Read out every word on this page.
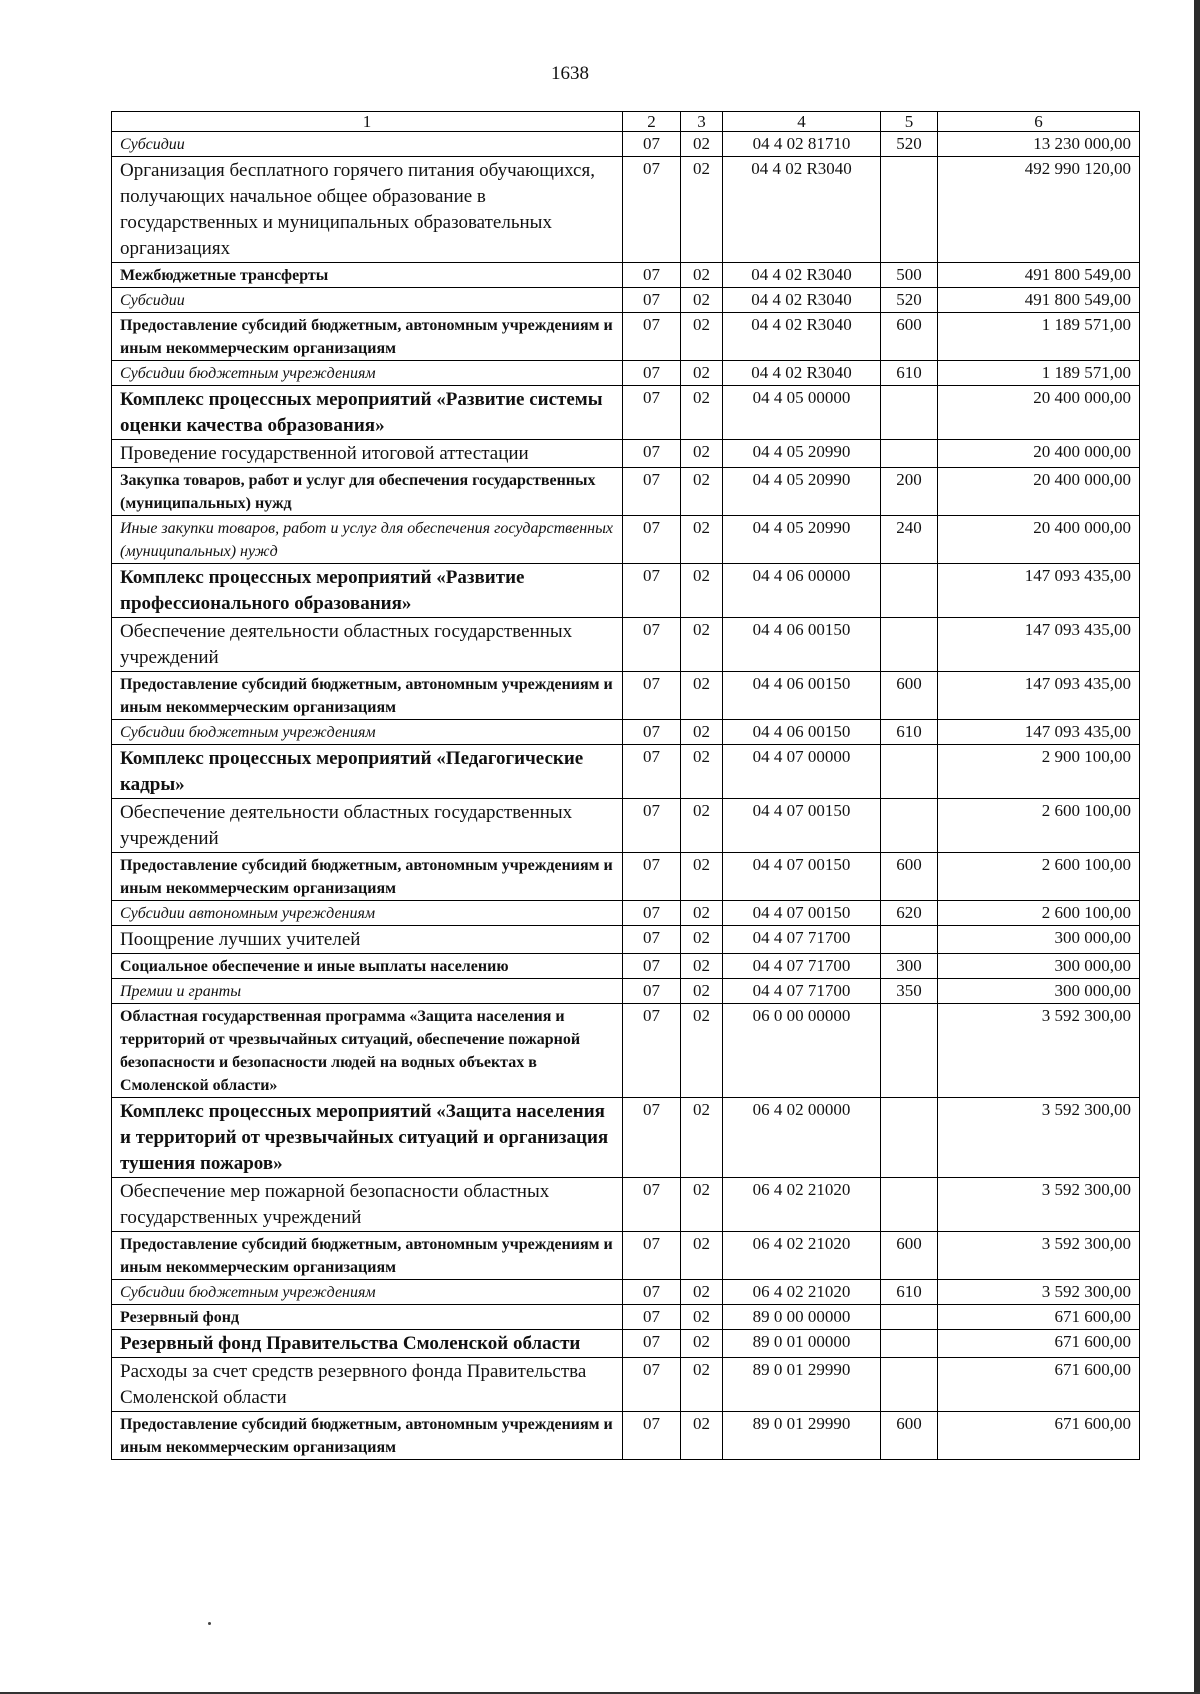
1638
1	2	3	4	5	6
Субсидии	07	02	04 4 02 81710	520	13 230 000,00
Организация бесплатного горячего питания обучающихся, получающих начальное общее образование в государственных и муниципальных образовательных организациях	07	02	04 4 02 R3040		492 990 120,00
Межбюджетные трансферты	07	02	04 4 02 R3040	500	491 800 549,00
Субсидии	07	02	04 4 02 R3040	520	491 800 549,00
Предоставление субсидий бюджетным, автономным учреждениям и иным некоммерческим организациям	07	02	04 4 02 R3040	600	1 189 571,00
Субсидии бюджетным учреждениям	07	02	04 4 02 R3040	610	1 189 571,00
Комплекс процессных мероприятий «Развитие системы оценки качества образования»	07	02	04 4 05 00000		20 400 000,00
Проведение государственной итоговой аттестации	07	02	04 4 05 20990		20 400 000,00
Закупка товаров, работ и услуг для обеспечения государственных (муниципальных) нужд	07	02	04 4 05 20990	200	20 400 000,00
Иные закупки товаров, работ и услуг для обеспечения государственных (муниципальных) нужд	07	02	04 4 05 20990	240	20 400 000,00
Комплекс процессных мероприятий «Развитие профессионального образования»	07	02	04 4 06 00000		147 093 435,00
Обеспечение деятельности областных государственных учреждений	07	02	04 4 06 00150		147 093 435,00
Предоставление субсидий бюджетным, автономным учреждениям и иным некоммерческим организациям	07	02	04 4 06 00150	600	147 093 435,00
Субсидии бюджетным учреждениям	07	02	04 4 06 00150	610	147 093 435,00
Комплекс процессных мероприятий «Педагогические кадры»	07	02	04 4 07 00000		2 900 100,00
Обеспечение деятельности областных государственных учреждений	07	02	04 4 07 00150		2 600 100,00
Предоставление субсидий бюджетным, автономным учреждениям и иным некоммерческим организациям	07	02	04 4 07 00150	600	2 600 100,00
Субсидии автономным учреждениям	07	02	04 4 07 00150	620	2 600 100,00
Поощрение лучших учителей	07	02	04 4 07 71700		300 000,00
Социальное обеспечение и иные выплаты населению	07	02	04 4 07 71700	300	300 000,00
Премии и гранты	07	02	04 4 07 71700	350	300 000,00
Областная государственная программа «Защита населения и территорий от чрезвычайных ситуаций, обеспечение пожарной безопасности и безопасности людей на водных объектах в Смоленской области»	07	02	06 0 00 00000		3 592 300,00
Комплекс процессных мероприятий «Защита населения и территорий от чрезвычайных ситуаций и организация тушения пожаров»	07	02	06 4 02 00000		3 592 300,00
Обеспечение мер пожарной безопасности областных государственных учреждений	07	02	06 4 02 21020		3 592 300,00
Предоставление субсидий бюджетным, автономным учреждениям и иным некоммерческим организациям	07	02	06 4 02 21020	600	3 592 300,00
Субсидии бюджетным учреждениям	07	02	06 4 02 21020	610	3 592 300,00
Резервный фонд	07	02	89 0 00 00000		671 600,00
Резервный фонд Правительства Смоленской области	07	02	89 0 01 00000		671 600,00
Расходы за счет средств резервного фонда Правительства Смоленской области	07	02	89 0 01 29990		671 600,00
Предоставление субсидий бюджетным, автономным учреждениям и иным некоммерческим организациям	07	02	89 0 01 29990	600	671 600,00
